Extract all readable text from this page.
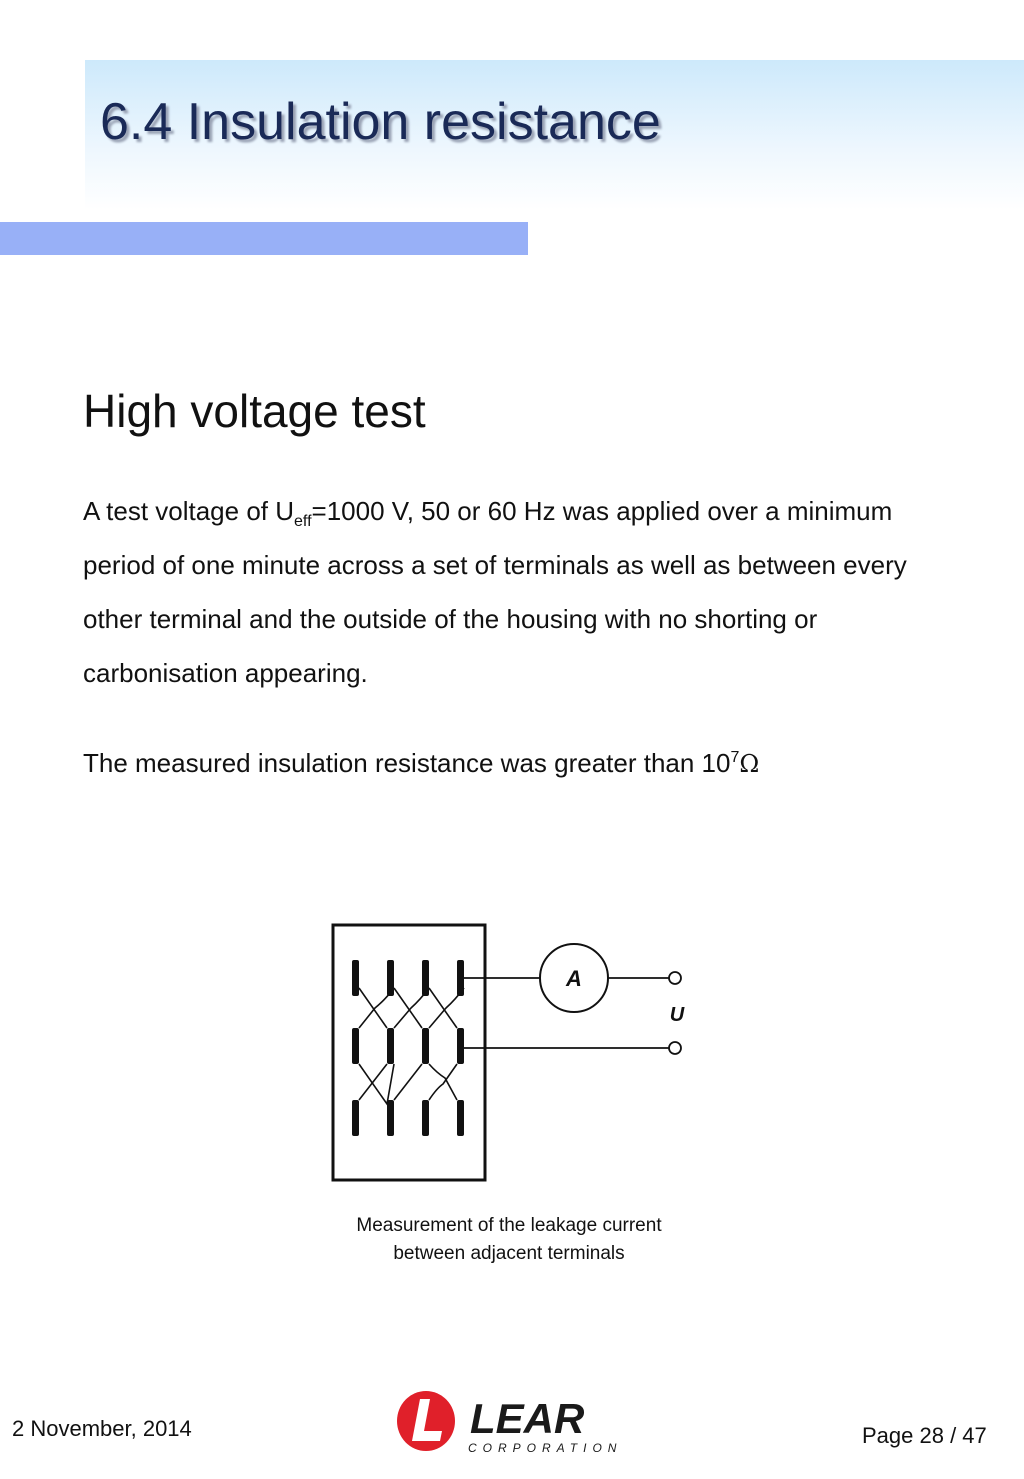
6.4 Insulation resistance
High voltage test

A test voltage of $U_{eff}=1000$ V, 50 or 60 Hz was applied over a minimum period of one minute across a set of terminals as well as between every other terminal and the outside of the housing with no shorting or carbonisation appearing.

The measured insulation resistance was greater than $10^7\Omega$

A
U
Measurement of the leakage current
between adjacent terminals
2 November, 2014	LEAR
CORPORATION	Page 28 / 47
